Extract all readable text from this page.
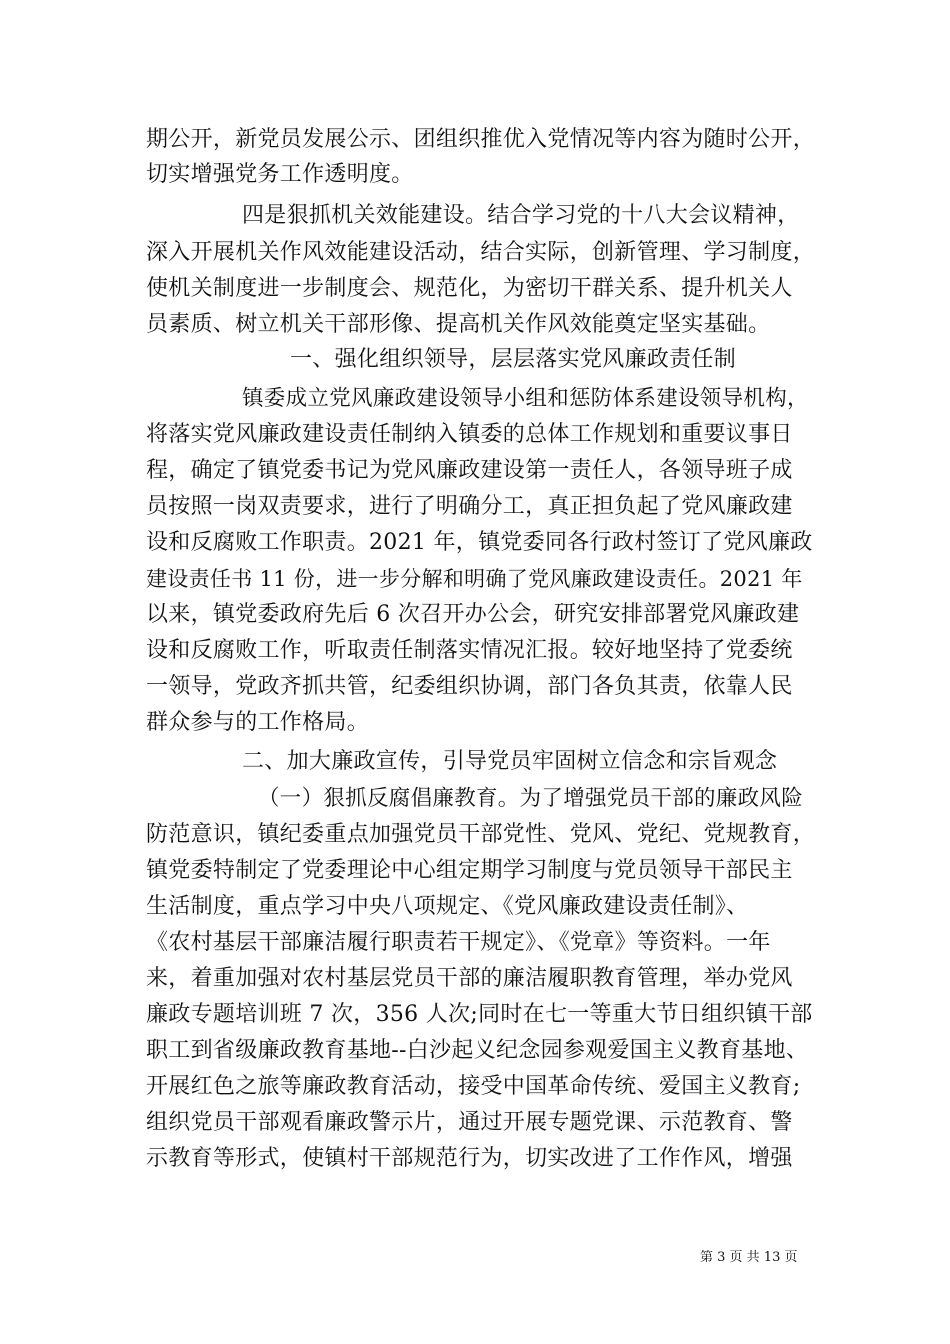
期公开，新党员发展公示、团组织推优入党情况等内容为随时公开，
切实增强党务工作透明度。
四是狠抓机关效能建设。结合学习党的十八大会议精神，
深入开展机关作风效能建设活动，结合实际，创新管理、学习制度，
使机关制度进一步制度会、规范化，为密切干群关系、提升机关人
员素质、树立机关干部形像、提高机关作风效能奠定坚实基础。
一、强化组织领导，层层落实党风廉政责任制
镇委成立党风廉政建设领导小组和惩防体系建设领导机构，
将落实党风廉政建设责任制纳入镇委的总体工作规划和重要议事日
程，确定了镇党委书记为党风廉政建设第一责任人，各领导班子成
员按照一岗双责要求，进行了明确分工，真正担负起了党风廉政建
设和反腐败工作职责。2021 年，镇党委同各行政村签订了党风廉政
建设责任书 11 份，进一步分解和明确了党风廉政建设责任。2021 年
以来，镇党委政府先后 6 次召开办公会，研究安排部署党风廉政建
设和反腐败工作，听取责任制落实情况汇报。较好地坚持了党委统
一领导，党政齐抓共管，纪委组织协调，部门各负其责，依靠人民
群众参与的工作格局。
二、加大廉政宣传，引导党员牢固树立信念和宗旨观念
（一）狠抓反腐倡廉教育。为了增强党员干部的廉政风险
防范意识，镇纪委重点加强党员干部党性、党风、党纪、党规教育，
镇党委特制定了党委理论中心组定期学习制度与党员领导干部民主
生活制度，重点学习中央八项规定、《党风廉政建设责任制》、
《农村基层干部廉洁履行职责若干规定》、《党章》等资料。一年
来，着重加强对农村基层党员干部的廉洁履职教育管理，举办党风
廉政专题培训班 7 次，356 人次;同时在七一等重大节日组织镇干部
职工到省级廉政教育基地--白沙起义纪念园参观爱国主义教育基地、
开展红色之旅等廉政教育活动，接受中国革命传统、爱国主义教育;
组织党员干部观看廉政警示片，通过开展专题党课、示范教育、警
示教育等形式，使镇村干部规范行为，切实改进了工作作风，增强
第 3 页 共 13 页
